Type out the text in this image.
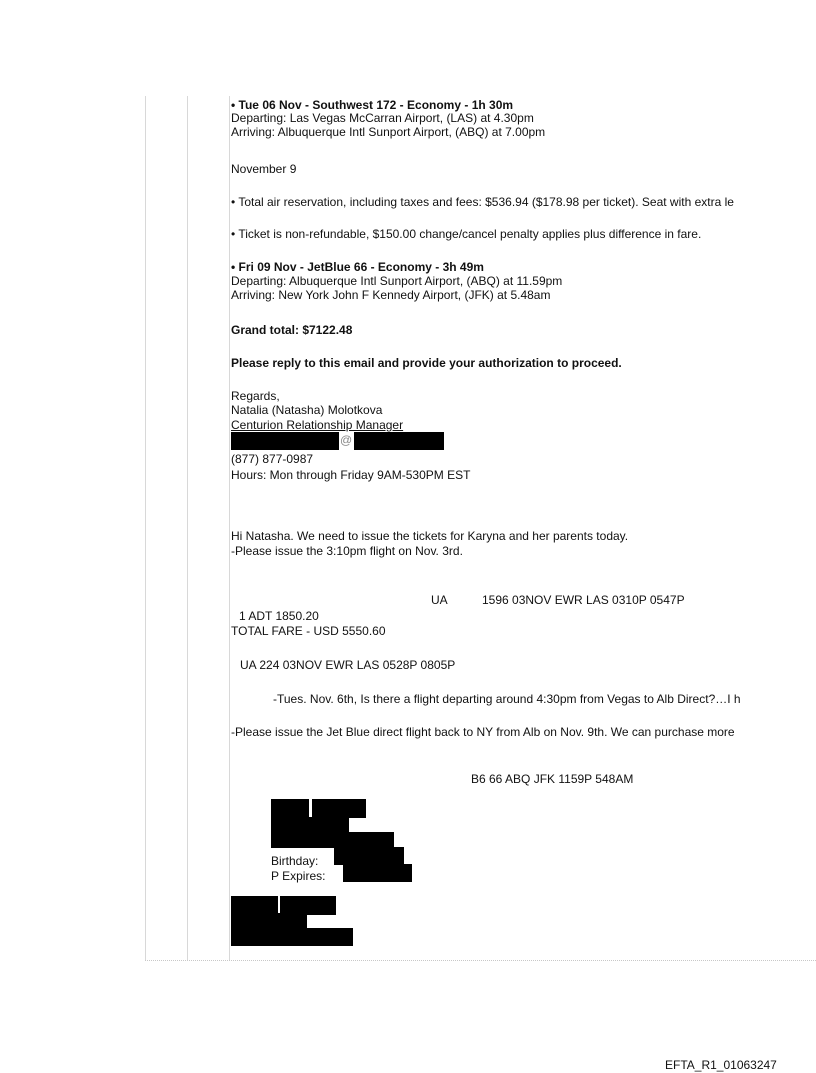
• Tue 06 Nov - Southwest 172 - Economy - 1h 30m
Departing: Las Vegas McCarran Airport, (LAS) at 4.30pm
Arriving: Albuquerque Intl Sunport Airport, (ABQ) at 7.00pm
November 9
• Total air reservation, including taxes and fees: $536.94 ($178.98 per ticket). Seat with extra le
• Ticket is non-refundable, $150.00 change/cancel penalty applies plus difference in fare.
• Fri 09 Nov - JetBlue 66 - Economy - 3h 49m
Departing: Albuquerque Intl Sunport Airport, (ABQ) at 11.59pm
Arriving: New York John F Kennedy Airport, (JFK) at 5.48am
Grand total: $7122.48
Please reply to this email and provide your authorization to proceed.
Regards,
Natalia (Natasha) Molotkova
Centurion Relationship Manager
@
(877) 877-0987
Hours: Mon through Friday 9AM-530PM EST
Hi Natasha. We need to issue the tickets for Karyna and her parents today.
-Please issue the 3:10pm flight on Nov. 3rd.
UA	1596 03NOV EWR LAS 0310P 0547P
1 ADT 1850.20
TOTAL FARE - USD 5550.60
UA 224 03NOV EWR LAS 0528P 0805P
-Tues. Nov. 6th, Is there a flight departing around 4:30pm from Vegas to Alb Direct?…I h
-Please issue the Jet Blue direct flight back to NY from Alb on Nov. 9th. We can purchase more
B6 66 ABQ JFK 1159P 548AM
Birthday:
P Expires:
EFTA_R1_01063247
